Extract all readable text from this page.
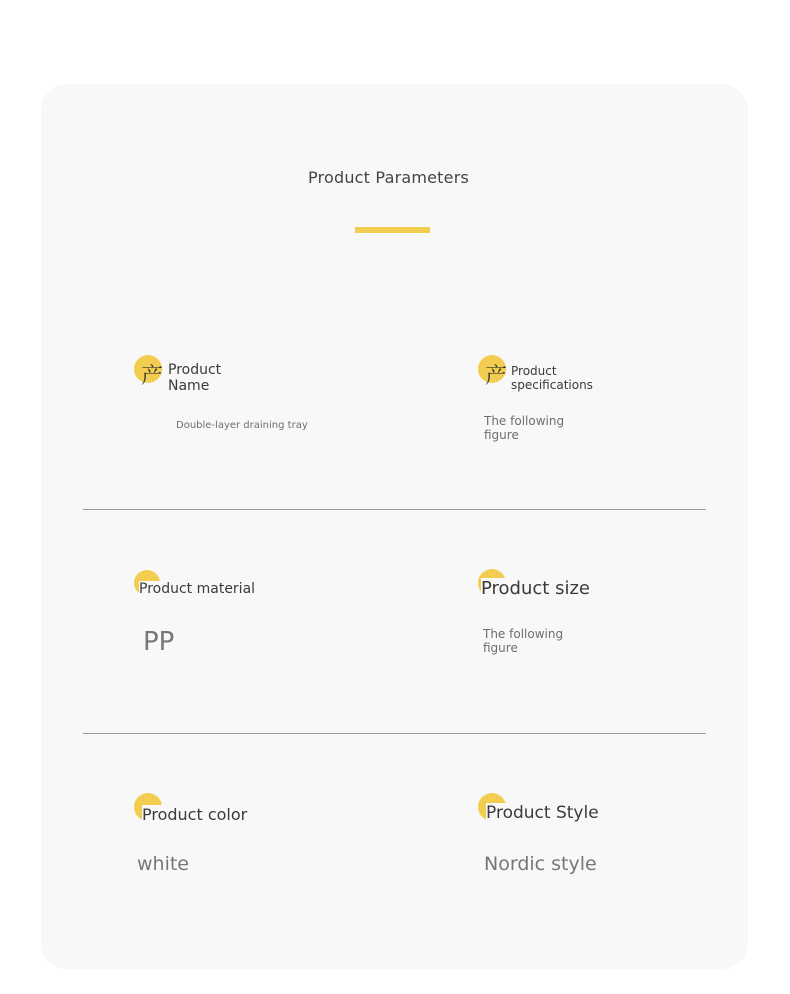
Product Parameters
产 Product
Name
Double-layer draining tray
产 Product
specifications
The following
figure
Product material
PP
Product size
The following
figure
Product color
white
Product Style
Nordic style
